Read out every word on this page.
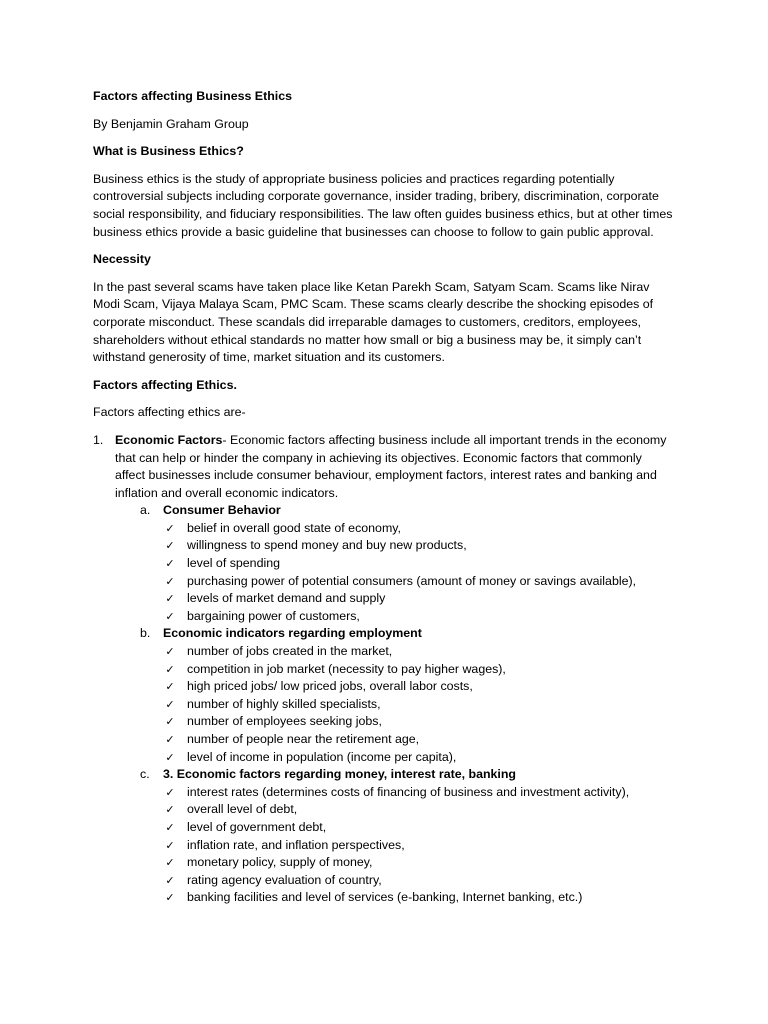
Factors affecting Business Ethics

By Benjamin Graham Group

What is Business Ethics?

Business ethics is the study of appropriate business policies and practices regarding potentially controversial subjects including corporate governance, insider trading, bribery, discrimination, corporate social responsibility, and fiduciary responsibilities. The law often guides business ethics, but at other times business ethics provide a basic guideline that businesses can choose to follow to gain public approval.

Necessity

In the past several scams have taken place like Ketan Parekh Scam, Satyam Scam. Scams like Nirav Modi Scam, Vijaya Malaya Scam, PMC Scam. These scams clearly describe the shocking episodes of corporate misconduct. These scandals did irreparable damages to customers, creditors, employees, shareholders without ethical standards no matter how small or big a business may be, it simply can’t withstand generosity of time, market situation and its customers.

Factors affecting Ethics.

Factors affecting ethics are-

1. Economic Factors- Economic factors affecting business include all important trends in the economy that can help or hinder the company in achieving its objectives. Economic factors that commonly affect businesses include consumer behaviour, employment factors, interest rates and banking and inflation and overall economic indicators.
a. Consumer Behavior
✓ belief in overall good state of economy,
✓ willingness to spend money and buy new products,
✓ level of spending
✓ purchasing power of potential consumers (amount of money or savings available),
✓ levels of market demand and supply
✓ bargaining power of customers,
b. Economic indicators regarding employment
✓ number of jobs created in the market,
✓ competition in job market (necessity to pay higher wages),
✓ high priced jobs/ low priced jobs, overall labor costs,
✓ number of highly skilled specialists,
✓ number of employees seeking jobs,
✓ number of people near the retirement age,
✓ level of income in population (income per capita),
c. 3. Economic factors regarding money, interest rate, banking
✓ interest rates (determines costs of financing of business and investment activity),
✓ overall level of debt,
✓ level of government debt,
✓ inflation rate, and inflation perspectives,
✓ monetary policy, supply of money,
✓ rating agency evaluation of country,
✓ banking facilities and level of services (e-banking, Internet banking, etc.)
